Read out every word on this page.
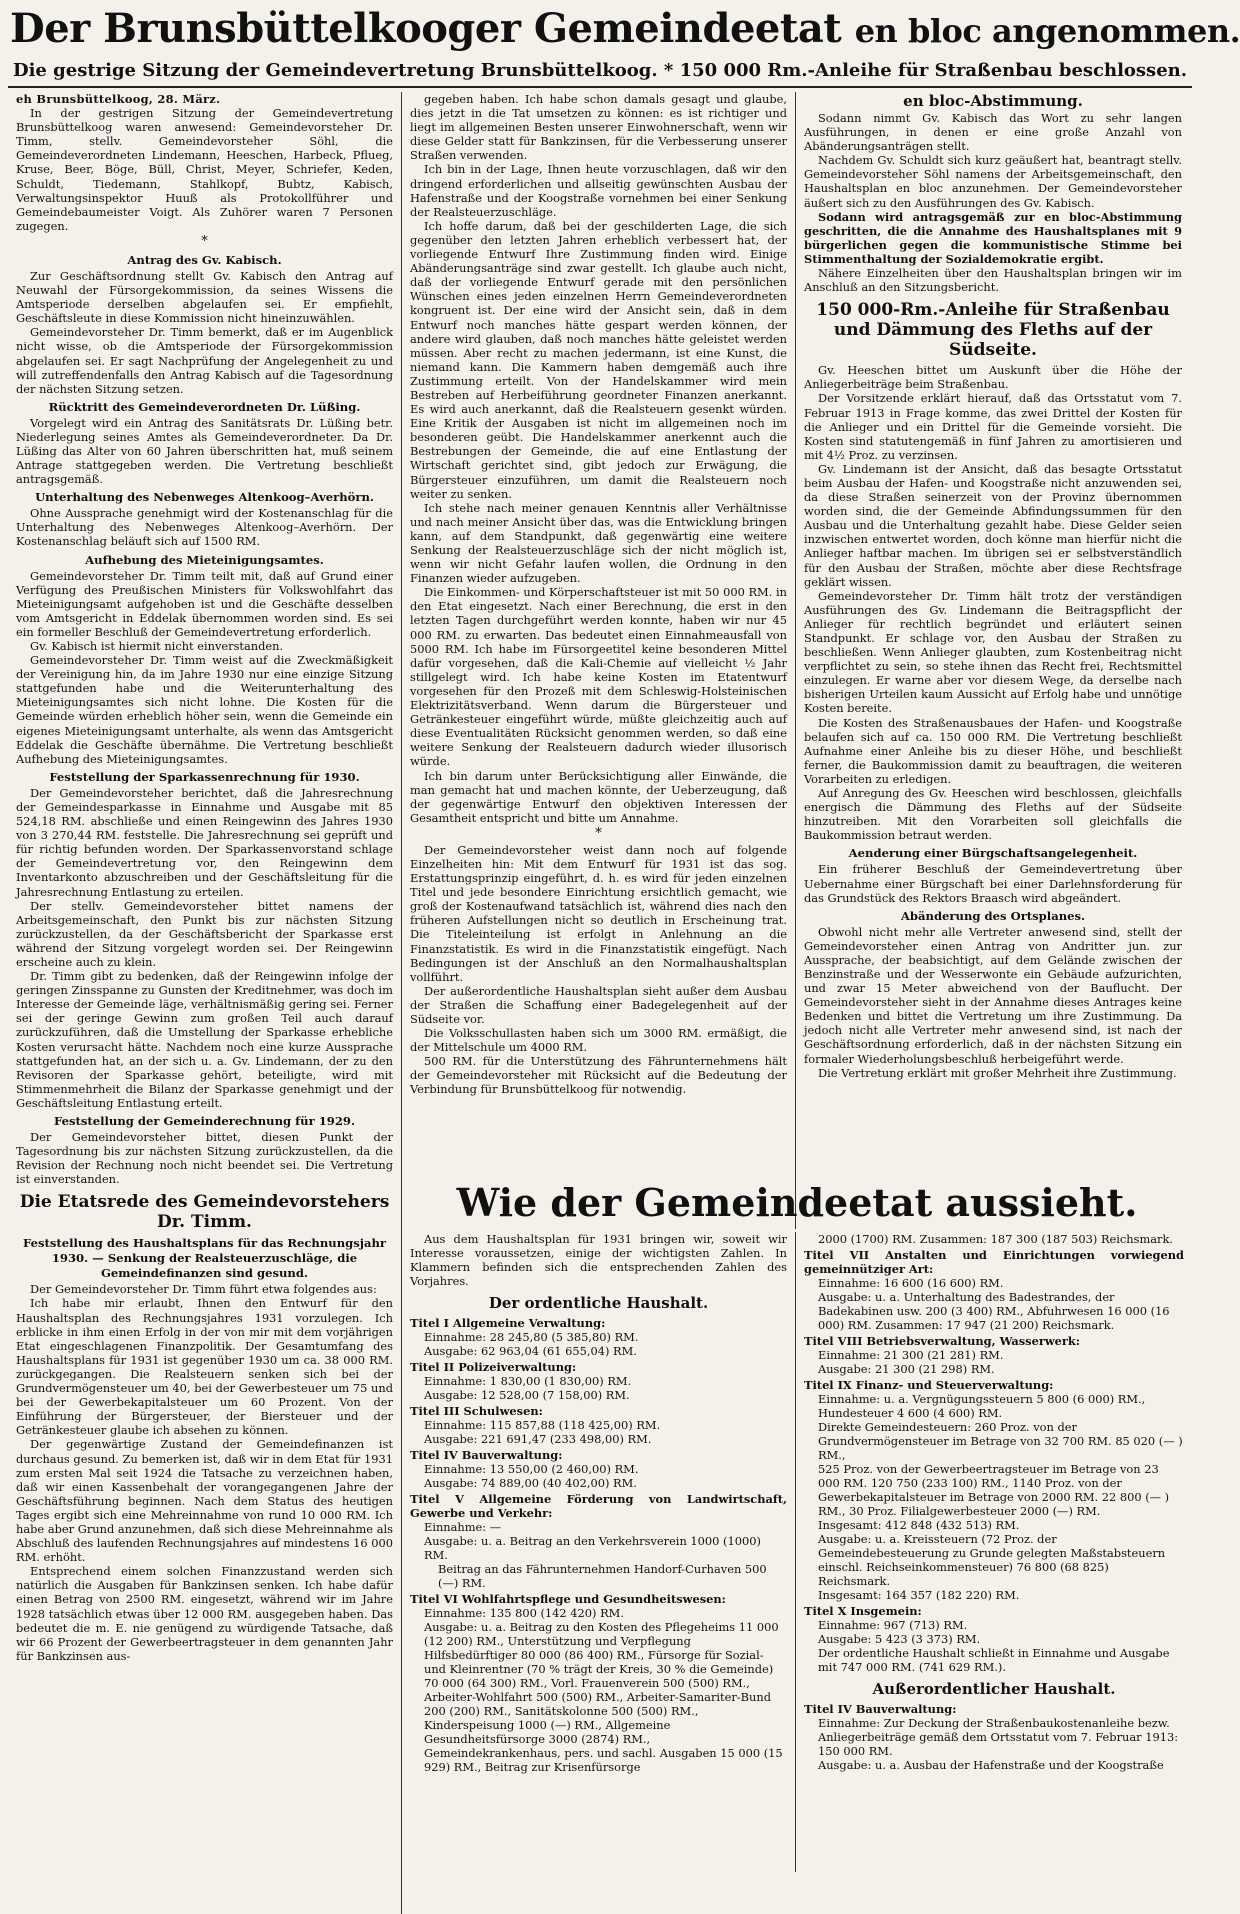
Der Brunsbüttelkooger Gemeindeetat en bloc angenommen.
Die gestrige Sitzung der Gemeindevertretung Brunsbüttelkoog. * 150 000 Rm.-Anleihe für Straßenbau beschlossen.

eh Brunsbüttelkoog, 28. März.

In der gestrigen Sitzung der Gemeindevertretung Brunsbüttelkoog waren anwesend: Gemeindevorsteher Dr. Timm, stellv. Gemeindevorsteher Söhl, die Gemeindeverordneten Lindemann, Heeschen, Harbeck, Pflueg, Kruse, Beer, Böge, Büll, Christ, Meyer, Schriefer, Keden, Schuldt, Tiedemann, Stahlkopf, Bubtz, Kabisch, Verwaltungsinspektor Huuß als Protokollführer und Gemeindebaumeister Voigt. Als Zuhörer waren 7 Personen zugegen.

*
Antrag des Gv. Kabisch.

Zur Geschäftsordnung stellt Gv. Kabisch den Antrag auf Neuwahl der Fürsorgekommission, da seines Wissens die Amtsperiode derselben abgelaufen sei. Er empfiehlt, Geschäftsleute in diese Kommission nicht hineinzuwählen.

Gemeindevorsteher Dr. Timm bemerkt, daß er im Augenblick nicht wisse, ob die Amtsperiode der Fürsorgekommission abgelaufen sei. Er sagt Nachprüfung der Angelegenheit zu und will zutreffendenfalls den Antrag Kabisch auf die Tagesordnung der nächsten Sitzung setzen.

Rücktritt des Gemeindeverordneten Dr. Lüßing.

Vorgelegt wird ein Antrag des Sanitätsrats Dr. Lüßing betr. Niederlegung seines Amtes als Gemeindeverordneter. Da Dr. Lüßing das Alter von 60 Jahren überschritten hat, muß seinem Antrage stattgegeben werden. Die Vertretung beschließt antragsgemäß.

Unterhaltung des Nebenweges Altenkoog–Averhörn.

Ohne Aussprache genehmigt wird der Kostenanschlag für die Unterhaltung des Nebenweges Altenkoog–Averhörn. Der Kostenanschlag beläuft sich auf 1500 RM.

Aufhebung des Mieteinigungsamtes.

Gemeindevorsteher Dr. Timm teilt mit, daß auf Grund einer Verfügung des Preußischen Ministers für Volkswohlfahrt das Mieteinigungsamt aufgehoben ist und die Geschäfte desselben vom Amtsgericht in Eddelak übernommen worden sind. Es sei ein formeller Beschluß der Gemeindevertretung erforderlich.

Gv. Kabisch ist hiermit nicht einverstanden.

Gemeindevorsteher Dr. Timm weist auf die Zweckmäßigkeit der Vereinigung hin, da im Jahre 1930 nur eine einzige Sitzung stattgefunden habe und die Weiterunterhaltung des Mieteinigungsamtes sich nicht lohne. Die Kosten für die Gemeinde würden erheblich höher sein, wenn die Gemeinde ein eigenes Mieteinigungsamt unterhalte, als wenn das Amtsgericht Eddelak die Geschäfte übernähme. Die Vertretung beschließt Aufhebung des Mieteinigungsamtes.

Feststellung der Sparkassenrechnung für 1930.

Der Gemeindevorsteher berichtet, daß die Jahresrechnung der Gemeindesparkasse in Einnahme und Ausgabe mit 85 524,18 RM. abschließe und einen Reingewinn des Jahres 1930 von 3 270,44 RM. feststelle. Die Jahresrechnung sei geprüft und für richtig befunden worden. Der Sparkassenvorstand schlage der Gemeindevertretung vor, den Reingewinn dem Inventarkonto abzuschreiben und der Geschäftsleitung für die Jahresrechnung Entlastung zu erteilen.

Der stellv. Gemeindevorsteher bittet namens der Arbeitsgemeinschaft, den Punkt bis zur nächsten Sitzung zurückzustellen, da der Geschäftsbericht der Sparkasse erst während der Sitzung vorgelegt worden sei. Der Reingewinn erscheine auch zu klein.

Dr. Timm gibt zu bedenken, daß der Reingewinn infolge der geringen Zinsspanne zu Gunsten der Kreditnehmer, was doch im Interesse der Gemeinde läge, verhältnismäßig gering sei. Ferner sei der geringe Gewinn zum großen Teil auch darauf zurückzuführen, daß die Umstellung der Sparkasse erhebliche Kosten verursacht hätte. Nachdem noch eine kurze Aussprache stattgefunden hat, an der sich u. a. Gv. Lindemann, der zu den Revisoren der Sparkasse gehört, beteiligte, wird mit Stimmenmehrheit die Bilanz der Sparkasse genehmigt und der Geschäftsleitung Entlastung erteilt.

Feststellung der Gemeinderechnung für 1929.

Der Gemeindevorsteher bittet, diesen Punkt der Tagesordnung bis zur nächsten Sitzung zurückzustellen, da die Revision der Rechnung noch nicht beendet sei. Die Vertretung ist einverstanden.

Die Etatsrede des Gemeindevorstehers Dr. Timm.
Feststellung des Haushaltsplans für das Rechnungsjahr 1930. — Senkung der Realsteuerzuschläge, die Gemeindefinanzen sind gesund.

Der Gemeindevorsteher Dr. Timm führt etwa folgendes aus:

Ich habe mir erlaubt, Ihnen den Entwurf für den Haushaltsplan des Rechnungsjahres 1931 vorzulegen. Ich erblicke in ihm einen Erfolg in der von mir mit dem vorjährigen Etat eingeschlagenen Finanzpolitik. Der Gesamtumfang des Haushaltsplans für 1931 ist gegenüber 1930 um ca. 38 000 RM. zurückgegangen. Die Realsteuern senken sich bei der Grundvermögensteuer um 40, bei der Gewerbesteuer um 75 und bei der Gewerbekapitalsteuer um 60 Prozent. Von der Einführung der Bürgersteuer, der Biersteuer und der Getränkesteuer glaube ich absehen zu können.

Der gegenwärtige Zustand der Gemeindefinanzen ist durchaus gesund. Zu bemerken ist, daß wir in dem Etat für 1931 zum ersten Mal seit 1924 die Tatsache zu verzeichnen haben, daß wir einen Kassenbehalt der vorangegangenen Jahre der Geschäftsführung beginnen. Nach dem Status des heutigen Tages ergibt sich eine Mehreinnahme von rund 10 000 RM. Ich habe aber Grund anzunehmen, daß sich diese Mehreinnahme als Abschluß des laufenden Rechnungsjahres auf mindestens 16 000 RM. erhöht.

Entsprechend einem solchen Finanzzustand werden sich natürlich die Ausgaben für Bankzinsen senken. Ich habe dafür einen Betrag von 2500 RM. eingesetzt, während wir im Jahre 1928 tatsächlich etwas über 12 000 RM. ausgegeben haben. Das bedeutet die m. E. nie genügend zu würdigende Tatsache, daß wir 66 Prozent der Gewerbeertragsteuer in dem genannten Jahr für Bankzinsen aus-

gegeben haben. Ich habe schon damals gesagt und glaube, dies jetzt in die Tat umsetzen zu können: es ist richtiger und liegt im allgemeinen Besten unserer Einwohnerschaft, wenn wir diese Gelder statt für Bankzinsen, für die Verbesserung unserer Straßen verwenden.

Ich bin in der Lage, Ihnen heute vorzuschlagen, daß wir den dringend erforderlichen und allseitig gewünschten Ausbau der Hafenstraße und der Koogstraße vornehmen bei einer Senkung der Realsteuerzuschläge.

Ich hoffe darum, daß bei der geschilderten Lage, die sich gegenüber den letzten Jahren erheblich verbessert hat, der vorliegende Entwurf Ihre Zustimmung finden wird. Einige Abänderungsanträge sind zwar gestellt. Ich glaube auch nicht, daß der vorliegende Entwurf gerade mit den persönlichen Wünschen eines jeden einzelnen Herrn Gemeindeverordneten kongruent ist. Der eine wird der Ansicht sein, daß in dem Entwurf noch manches hätte gespart werden können, der andere wird glauben, daß noch manches hätte geleistet werden müssen. Aber recht zu machen jedermann, ist eine Kunst, die niemand kann. Die Kammern haben demgemäß auch ihre Zustimmung erteilt. Von der Handelskammer wird mein Bestreben auf Herbeiführung geordneter Finanzen anerkannt. Es wird auch anerkannt, daß die Realsteuern gesenkt würden. Eine Kritik der Ausgaben ist nicht im allgemeinen noch im besonderen geübt. Die Handelskammer anerkennt auch die Bestrebungen der Gemeinde, die auf eine Entlastung der Wirtschaft gerichtet sind, gibt jedoch zur Erwägung, die Bürgersteuer einzuführen, um damit die Realsteuern noch weiter zu senken.

Ich stehe nach meiner genauen Kenntnis aller Verhältnisse und nach meiner Ansicht über das, was die Entwicklung bringen kann, auf dem Standpunkt, daß gegenwärtig eine weitere Senkung der Realsteuerzuschläge sich der nicht möglich ist, wenn wir nicht Gefahr laufen wollen, die Ordnung in den Finanzen wieder aufzugeben.

Die Einkommen- und Körperschaftsteuer ist mit 50 000 RM. in den Etat eingesetzt. Nach einer Berechnung, die erst in den letzten Tagen durchgeführt werden konnte, haben wir nur 45 000 RM. zu erwarten. Das bedeutet einen Einnahmeausfall von 5000 RM. Ich habe im Fürsorgeetitel keine besonderen Mittel dafür vorgesehen, daß die Kali-Chemie auf vielleicht ½ Jahr stillgelegt wird. Ich habe keine Kosten im Etatentwurf vorgesehen für den Prozeß mit dem Schleswig-Holsteinischen Elektrizitätsverband. Wenn darum die Bürgersteuer und Getränkesteuer eingeführt würde, müßte gleichzeitig auch auf diese Eventualitäten Rücksicht genommen werden, so daß eine weitere Senkung der Realsteuern dadurch wieder illusorisch würde.

Ich bin darum unter Berücksichtigung aller Einwände, die man gemacht hat und machen könnte, der Ueberzeugung, daß der gegenwärtige Entwurf den objektiven Interessen der Gesamtheit entspricht und bitte um Annahme.

*

Der Gemeindevorsteher weist dann noch auf folgende Einzelheiten hin: Mit dem Entwurf für 1931 ist das sog. Erstattungsprinzip eingeführt, d. h. es wird für jeden einzelnen Titel und jede besondere Einrichtung ersichtlich gemacht, wie groß der Kostenaufwand tatsächlich ist, während dies nach den früheren Aufstellungen nicht so deutlich in Erscheinung trat. Die Titeleinteilung ist erfolgt in Anlehnung an die Finanzstatistik. Es wird in die Finanzstatistik eingefügt. Nach Bedingungen ist der Anschluß an den Normalhaushaltsplan vollführt.

Der außerordentliche Haushaltsplan sieht außer dem Ausbau der Straßen die Schaffung einer Badegelegenheit auf der Südseite vor.

Die Volksschullasten haben sich um 3000 RM. ermäßigt, die der Mittelschule um 4000 RM.

500 RM. für die Unterstützung des Fährunternehmens hält der Gemeindevorsteher mit Rücksicht auf die Bedeutung der Verbindung für Brunsbüttelkoog für notwendig.

en bloc-Abstimmung.

Sodann nimmt Gv. Kabisch das Wort zu sehr langen Ausführungen, in denen er eine große Anzahl von Abänderungsanträgen stellt.

Nachdem Gv. Schuldt sich kurz geäußert hat, beantragt stellv. Gemeindevorsteher Söhl namens der Arbeitsgemeinschaft, den Haushaltsplan en bloc anzunehmen. Der Gemeindevorsteher äußert sich zu den Ausführungen des Gv. Kabisch.

Sodann wird antragsgemäß zur en bloc-Abstimmung geschritten, die die Annahme des Haushaltsplanes mit 9 bürgerlichen gegen die kommunistische Stimme bei Stimmenthaltung der Sozialdemokratie ergibt.

Nähere Einzelheiten über den Haushaltsplan bringen wir im Anschluß an den Sitzungsbericht.

150 000-Rm.-Anleihe für Straßenbau und Dämmung des Fleths auf der Südseite.

Gv. Heeschen bittet um Auskunft über die Höhe der Anliegerbeiträge beim Straßenbau.

Der Vorsitzende erklärt hierauf, daß das Ortsstatut vom 7. Februar 1913 in Frage komme, das zwei Drittel der Kosten für die Anlieger und ein Drittel für die Gemeinde vorsieht. Die Kosten sind statutengemäß in fünf Jahren zu amortisieren und mit 4½ Proz. zu verzinsen.

Gv. Lindemann ist der Ansicht, daß das besagte Ortsstatut beim Ausbau der Hafen- und Koogstraße nicht anzuwenden sei, da diese Straßen seinerzeit von der Provinz übernommen worden sind, die der Gemeinde Abfindungssummen für den Ausbau und die Unterhaltung gezahlt habe. Diese Gelder seien inzwischen entwertet worden, doch könne man hierfür nicht die Anlieger haftbar machen. Im übrigen sei er selbstverständlich für den Ausbau der Straßen, möchte aber diese Rechtsfrage geklärt wissen.

Gemeindevorsteher Dr. Timm hält trotz der verständigen Ausführungen des Gv. Lindemann die Beitragspflicht der Anlieger für rechtlich begründet und erläutert seinen Standpunkt. Er schlage vor, den Ausbau der Straßen zu beschließen. Wenn Anlieger glaubten, zum Kostenbeitrag nicht verpflichtet zu sein, so stehe ihnen das Recht frei, Rechtsmittel einzulegen. Er warne aber vor diesem Wege, da derselbe nach bisherigen Urteilen kaum Aussicht auf Erfolg habe und unnötige Kosten bereite.

Die Kosten des Straßenausbaues der Hafen- und Koogstraße belaufen sich auf ca. 150 000 RM. Die Vertretung beschließt Aufnahme einer Anleihe bis zu dieser Höhe, und beschließt ferner, die Baukommission damit zu beauftragen, die weiteren Vorarbeiten zu erledigen.

Auf Anregung des Gv. Heeschen wird beschlossen, gleichfalls energisch die Dämmung des Fleths auf der Südseite hinzutreiben. Mit den Vorarbeiten soll gleichfalls die Baukommission betraut werden.

Aenderung einer Bürgschaftsangelegenheit.

Ein früherer Beschluß der Gemeindevertretung über Uebernahme einer Bürgschaft bei einer Darlehnsforderung für das Grundstück des Rektors Braasch wird abgeändert.

Abänderung des Ortsplanes.

Obwohl nicht mehr alle Vertreter anwesend sind, stellt der Gemeindevorsteher einen Antrag von Andritter jun. zur Aussprache, der beabsichtigt, auf dem Gelände zwischen der Benzinstraße und der Wesserwonte ein Gebäude aufzurichten, und zwar 15 Meter abweichend von der Bauflucht. Der Gemeindevorsteher sieht in der Annahme dieses Antrages keine Bedenken und bittet die Vertretung um ihre Zustimmung. Da jedoch nicht alle Vertreter mehr anwesend sind, ist nach der Geschäftsordnung erforderlich, daß in der nächsten Sitzung ein formaler Wiederholungsbeschluß herbeigeführt werde.

Die Vertretung erklärt mit großer Mehrheit ihre Zustimmung.

Wie der Gemeindeetat aussieht.

Aus dem Haushaltsplan für 1931 bringen wir, soweit wir Interesse voraussetzen, einige der wichtigsten Zahlen. In Klammern befinden sich die entsprechenden Zahlen des Vorjahres.

Der ordentliche Haushalt.

Titel I Allgemeine Verwaltung:

Einnahme: 28 245,80 (5 385,80) RM.

Ausgabe: 62 963,04 (61 655,04) RM.

Titel II Polizeiverwaltung:

Einnahme: 1 830,00 (1 830,00) RM.

Ausgabe: 12 528,00 (7 158,00) RM.

Titel III Schulwesen:

Einnahme: 115 857,88 (118 425,00) RM.

Ausgabe: 221 691,47 (233 498,00) RM.

Titel IV Bauverwaltung:

Einnahme: 13 550,00 (2 460,00) RM.

Ausgabe: 74 889,00 (40 402,00) RM.

Titel V Allgemeine Förderung von Landwirtschaft, Gewerbe und Verkehr:

Einnahme: —

Ausgabe: u. a. Beitrag an den Verkehrsverein 1000 (1000) RM.

Beitrag an das Fährunternehmen Handorf-Curhaven 500 (—) RM.

Titel VI Wohlfahrtspflege und Gesundheitswesen:

Einnahme: 135 800 (142 420) RM.

Ausgabe: u. a. Beitrag zu den Kosten des Pflegeheims 11 000 (12 200) RM., Unterstützung und Verpflegung Hilfsbedürftiger 80 000 (86 400) RM., Fürsorge für Sozial- und Kleinrentner (70 % trägt der Kreis, 30 % die Gemeinde) 70 000 (64 300) RM., Vorl. Frauenverein 500 (500) RM., Arbeiter-Wohlfahrt 500 (500) RM., Arbeiter-Samariter-Bund 200 (200) RM., Sanitätskolonne 500 (500) RM., Kinderspeisung 1000 (—) RM., Allgemeine Gesundheitsfürsorge 3000 (2874) RM., Gemeindekrankenhaus, pers. und sachl. Ausgaben 15 000 (15 929) RM., Beitrag zur Krisenfürsorge

2000 (1700) RM. Zusammen: 187 300 (187 503) Reichsmark.

Titel VII Anstalten und Einrichtungen vorwiegend gemeinnütziger Art:

Einnahme: 16 600 (16 600) RM.

Ausgabe: u. a. Unterhaltung des Badestrandes, der Badekabinen usw. 200 (3 400) RM., Abfuhrwesen 16 000 (16 000) RM. Zusammen: 17 947 (21 200) Reichsmark.

Titel VIII Betriebsverwaltung, Wasserwerk:

Einnahme: 21 300 (21 281) RM.

Ausgabe: 21 300 (21 298) RM.

Titel IX Finanz- und Steuerverwaltung:

Einnahme: u. a. Vergnügungssteuern 5 800 (6 000) RM., Hundesteuer 4 600 (4 600) RM.

Direkte Gemeindesteuern: 260 Proz. von der Grundvermögensteuer im Betrage von 32 700 RM. 85 020 (— ) RM.,

525 Proz. von der Gewerbeertragsteuer im Betrage von 23 000 RM. 120 750 (233 100) RM., 1140 Proz. von der Gewerbekapitalsteuer im Betrage von 2000 RM. 22 800 (— ) RM., 30 Proz. Filialgewerbesteuer 2000 (—) RM.

Insgesamt: 412 848 (432 513) RM.

Ausgabe: u. a. Kreissteuern (72 Proz. der Gemeindebesteuerung zu Grunde gelegten Maßstabsteuern einschl. Reichseinkommensteuer) 76 800 (68 825) Reichsmark.

Insgesamt: 164 357 (182 220) RM.

Titel X Insgemein:

Einnahme: 967 (713) RM.

Ausgabe: 5 423 (3 373) RM.

Der ordentliche Haushalt schließt in Einnahme und Ausgabe mit 747 000 RM. (741 629 RM.).

Außerordentlicher Haushalt.

Titel IV Bauverwaltung:

Einnahme: Zur Deckung der Straßenbaukostenanleihe bezw. Anliegerbeiträge gemäß dem Ortsstatut vom 7. Februar 1913: 150 000 RM.

Ausgabe: u. a. Ausbau der Hafenstraße und der Koogstraße
